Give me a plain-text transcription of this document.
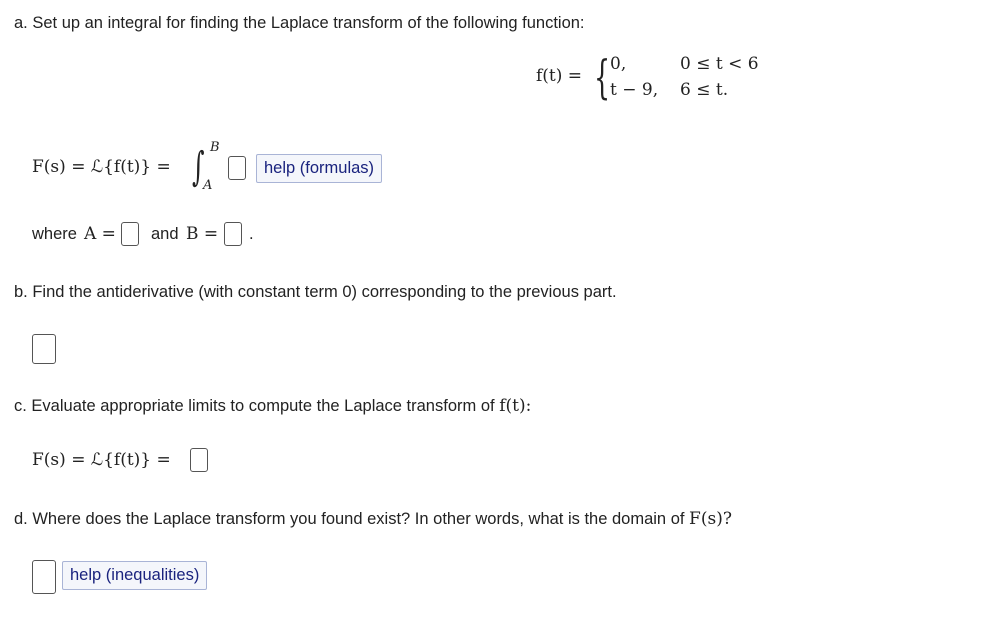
a. Set up an integral for finding the Laplace transform of the following function:
f(t) = { 0,
t − 9,
0 ≤ t < 6
6 ≤ t.
F(s) = ℒ{f(t)} = ∫ B
A
help (formulas)
where A = and B = .
b. Find the antiderivative (with constant term 0) corresponding to the previous part.
c. Evaluate appropriate limits to compute the Laplace transform of f(t):
F(s) = ℒ{f(t)} =
d. Where does the Laplace transform you found exist? In other words, what is the domain of F(s)?
help (inequalities)
